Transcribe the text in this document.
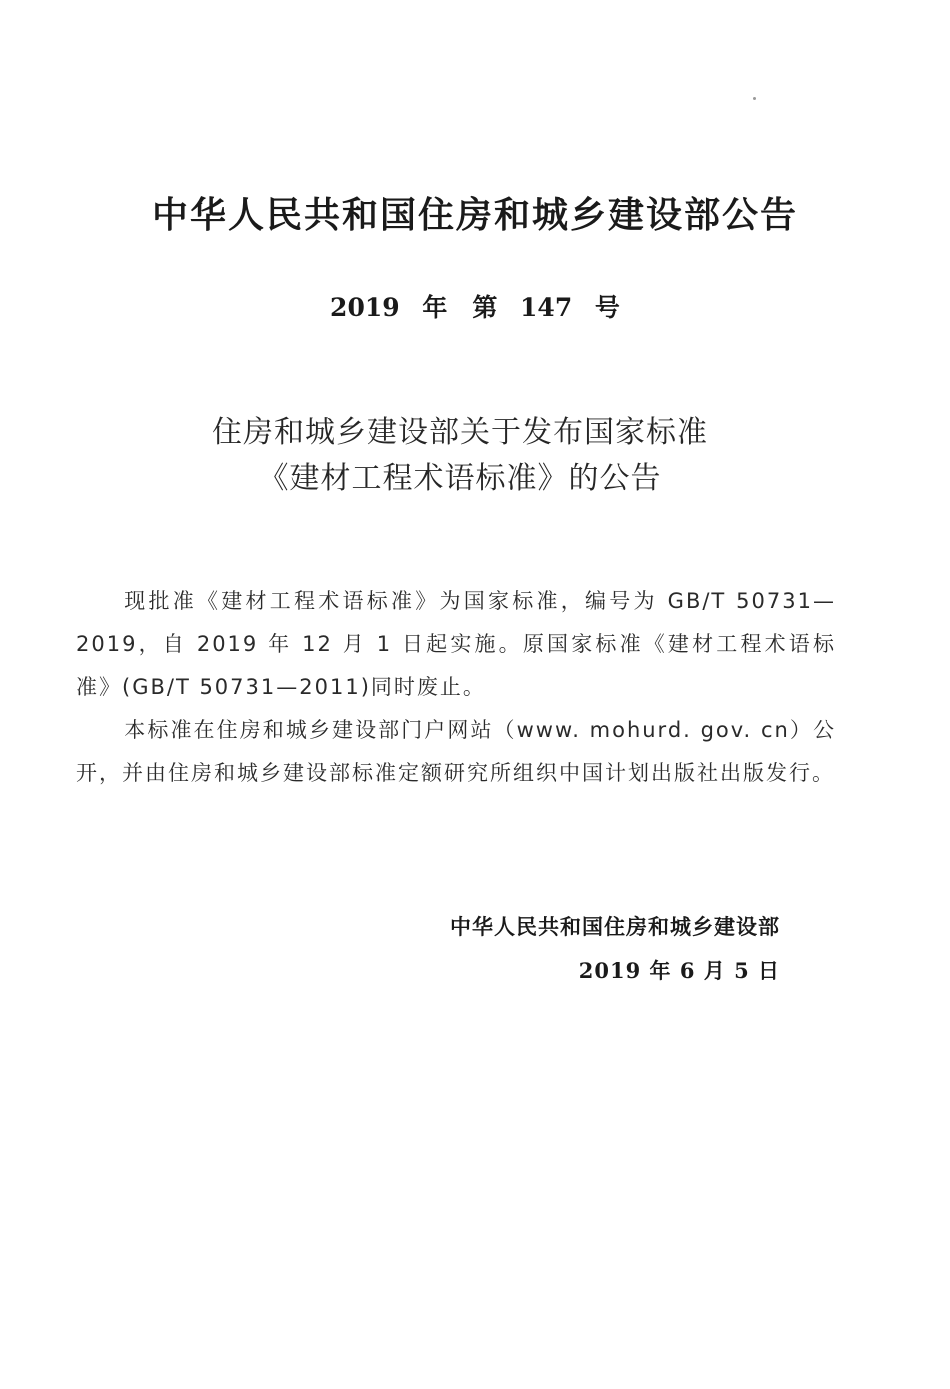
中华人民共和国住房和城乡建设部公告
2019 年　第 147 号
住房和城乡建设部关于发布国家标准
《建材工程术语标准》的公告

现批准《建材工程术语标准》为国家标准，编号为 GB/T 50731—2019，自 2019 年 12 月 1 日起实施。原国家标准《建材工程术语标准》(GB/T 50731—2011)同时废止。

本标准在住房和城乡建设部门户网站（www. mohurd. gov. cn）公开，并由住房和城乡建设部标准定额研究所组织中国计划出版社出版发行。

中华人民共和国住房和城乡建设部
2019 年 6 月 5 日
